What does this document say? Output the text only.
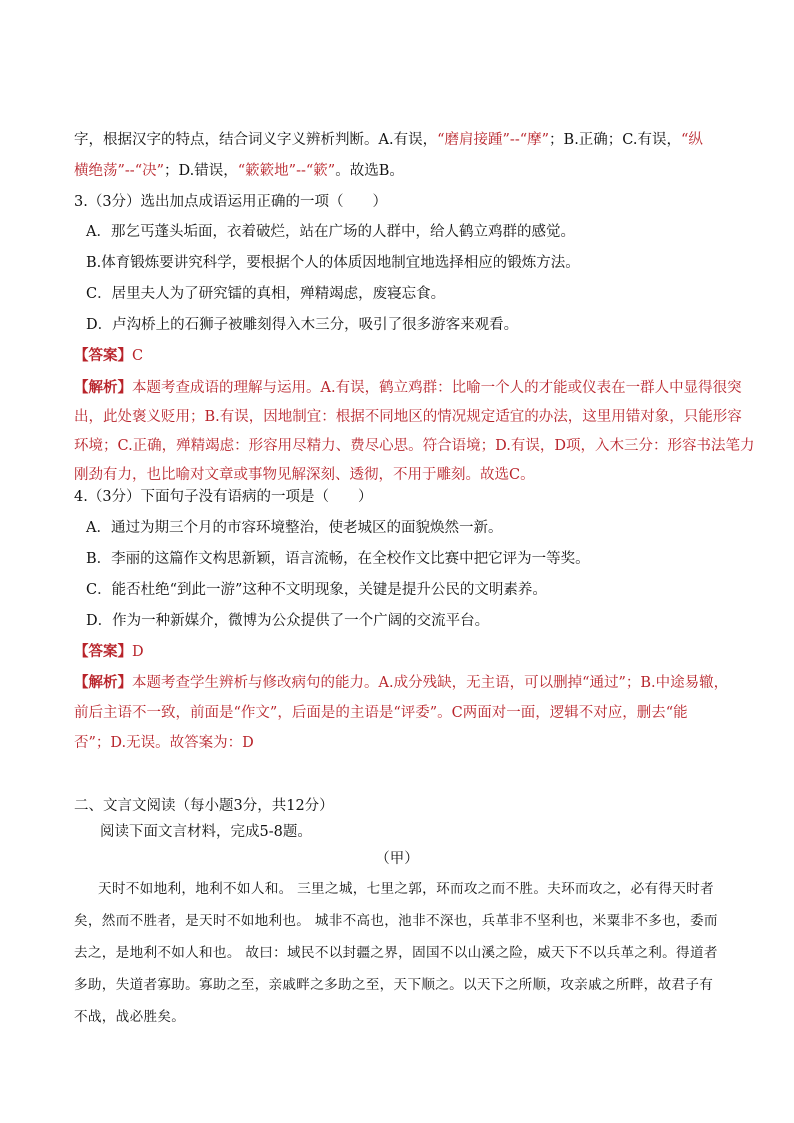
字，根据汉字的特点，结合词义字义辨析判断。A.有误，“磨肩接踵”--“摩”；B.正确；C.有误，“纵
横绝荡”--“决”；D.错误，“簌簌地”--“簌”。故选B。
3.（3分）选出加点成语运用正确的一项（　　）
A．那乞丐蓬头垢面，衣着破烂，站在广场的人群中，给人鹤立鸡群的感觉。
B.体育锻炼要讲究科学，要根据个人的体质因地制宜地选择相应的锻炼方法。
C．居里夫人为了研究镭的真相，殚精竭虑，废寝忘食。
D．卢沟桥上的石狮子被雕刻得入木三分，吸引了很多游客来观看。
【答案】C
【解析】本题考查成语的理解与运用。A.有误，鹤立鸡群：比喻一个人的才能或仪表在一群人中显得很突
出，此处褒义贬用；B.有误，因地制宜：根据不同地区的情况规定适宜的办法，这里用错对象，只能形容
环境；C.正确，殚精竭虑：形容用尽精力、费尽心思。符合语境；D.有误，D项，入木三分：形容书法笔力
刚劲有力，也比喻对文章或事物见解深刻、透彻，不用于雕刻。故选C。
4.（3分）下面句子没有语病的一项是（　　）
A．通过为期三个月的市容环境整治，使老城区的面貌焕然一新。
B．李丽的这篇作文构思新颖，语言流畅，在全校作文比赛中把它评为一等奖。
C．能否杜绝“到此一游”这种不文明现象，关键是提升公民的文明素养。
D．作为一种新媒介，微博为公众提供了一个广阔的交流平台。
【答案】D
【解析】本题考查学生辨析与修改病句的能力。A.成分残缺，无主语，可以删掉“通过”；B.中途易辙，
前后主语不一致，前面是“作文”，后面是的主语是“评委”。C两面对一面，逻辑不对应，删去“能
否”；D.无误。故答案为：D
二、文言文阅读（每小题3分，共12分）
阅读下面文言材料，完成5-8题。
（甲）
天时不如地利，地利不如人和。 三里之城，七里之郭，环而攻之而不胜。夫环而攻之，必有得天时者
矣，然而不胜者，是天时不如地利也。 城非不高也，池非不深也，兵革非不坚利也，米粟非不多也，委而
去之，是地利不如人和也。 故曰：域民不以封疆之界，固国不以山溪之险，威天下不以兵革之利。得道者
多助，失道者寡助。寡助之至，亲戚畔之多助之至，天下顺之。以天下之所顺，攻亲戚之所畔，故君子有
不战，战必胜矣。
